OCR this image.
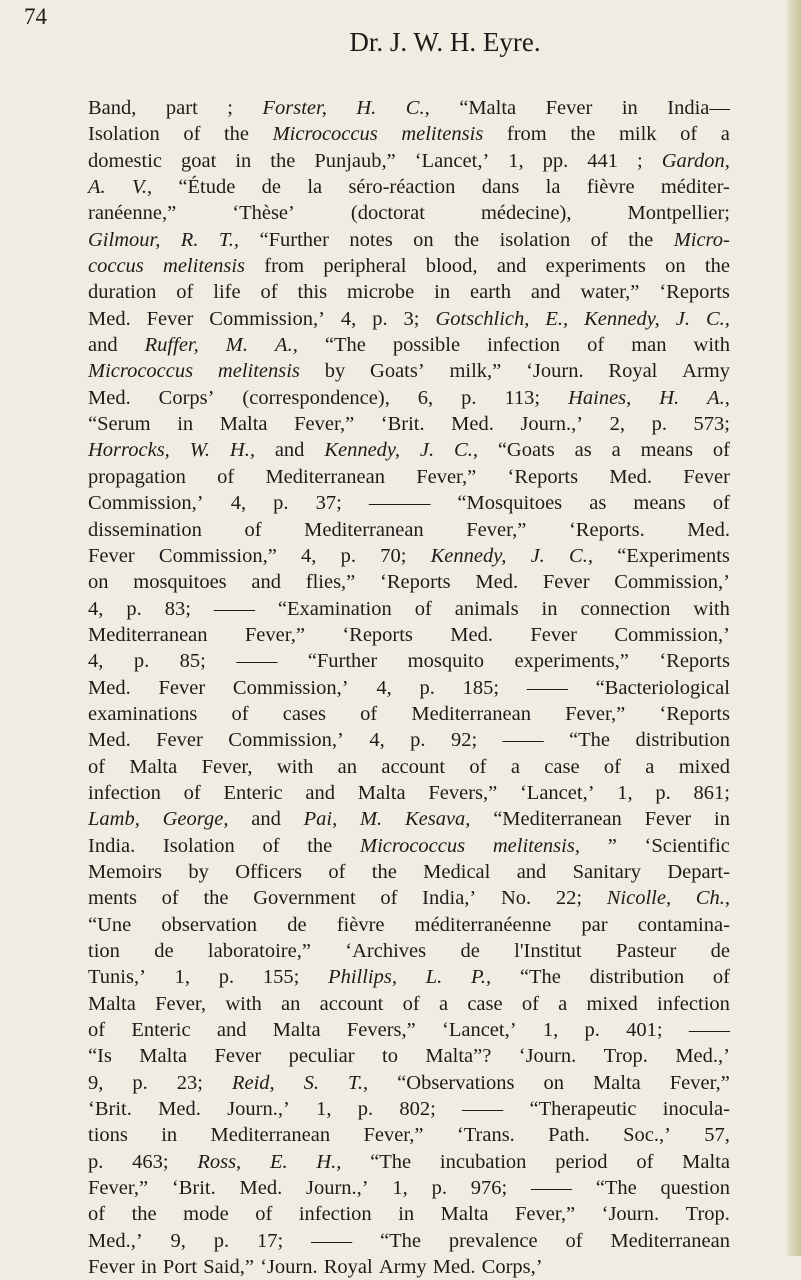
74
Dr. J. W. H. Eyre.
Band, part ; Forster, H. C., “Malta Fever in India—
Isolation of the Micrococcus melitensis from the milk of a
domestic goat in the Punjaub,” ‘Lancet,’ 1, pp. 441 ; Gardon,
A. V., “Étude de la séro-réaction dans la fièvre méditer-
ranéenne,”	‘Thèse’	(doctorat	médecine),	Montpellier;
Gilmour, R. T., “Further notes on the isolation of the Micro-
coccus melitensis from peripheral blood, and experiments on the
duration of life of this microbe in earth and water,” ‘Reports
Med. Fever Commission,’ 4, p. 3; Gotschlich, E., Kennedy, J. C.,
and Ruffer, M. A., “The possible infection of man with
Micrococcus melitensis by Goats’ milk,” ‘Journ. Royal Army
Med. Corps’ (correspondence), 6, p. 113; Haines, H. A.,
“Serum in Malta Fever,” ‘Brit. Med. Journ.,’ 2, p. 573;
Horrocks, W. H., and Kennedy, J. C., “Goats as a means of
propagation of Mediterranean Fever,” ‘Reports Med. Fever
Commission,’ 4, p. 37; ——— “Mosquitoes as means of
dissemination of Mediterranean Fever,” ‘Reports. Med.
Fever Commission,” 4, p. 70; Kennedy, J. C., “Experiments
on mosquitoes and flies,” ‘Reports Med. Fever Commission,’
4, p. 83; —— “Examination of animals in connection with
Mediterranean Fever,” ‘Reports Med. Fever Commission,’
4, p. 85; —— “Further mosquito experiments,” ‘Reports
Med. Fever Commission,’ 4, p. 185; —— “Bacteriological
examinations of cases of Mediterranean Fever,” ‘Reports
Med. Fever Commission,’ 4, p. 92; —— “The distribution
of Malta Fever, with an account of a case of a mixed
infection of Enteric and Malta Fevers,” ‘Lancet,’ 1, p. 861;
Lamb, George, and Pai, M. Kesava, “Mediterranean Fever in
India. Isolation of the Micrococcus melitensis, ” ‘Scientific
Memoirs by Officers of the Medical and Sanitary Depart-
ments of the Government of India,’ No. 22; Nicolle, Ch.,
“Une observation de fièvre méditerranéenne par contamina-
tion de laboratoire,” ‘Archives de l'Institut Pasteur de
Tunis,’ 1, p. 155; Phillips, L. P., “The distribution of
Malta Fever, with an account of a case of a mixed infection
of Enteric and Malta Fevers,” ‘Lancet,’ 1, p. 401; ——
“Is Malta Fever peculiar to Malta”? ‘Journ. Trop. Med.,’
9, p. 23; Reid, S. T., “Observations on Malta Fever,”
‘Brit. Med. Journ.,’ 1, p. 802; —— “Therapeutic inocula-
tions in Mediterranean Fever,” ‘Trans. Path. Soc.,’ 57,
p. 463; Ross, E. H., “The incubation period of Malta
Fever,” ‘Brit. Med. Journ.,’ 1, p. 976; —— “The question
of the mode of infection in Malta Fever,” ‘Journ. Trop.
Med.,’ 9, p. 17; —— “The prevalence of Mediterranean
Fever in Port Said,” ‘Journ. Royal Army Med. Corps,’
